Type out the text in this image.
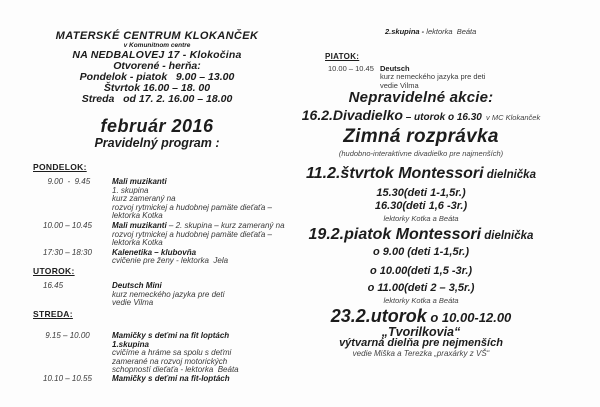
MATERSKÉ CENTRUM KLOKANČEK
v Komunitnom centre
NA NEDBALOVEJ 17 - Klokočina
Otvorené - herňa:
Pondelok - piatok   9.00 – 13.00
Štvrtok 16.00 – 18. 00
Streda   od 17. 2. 16.00 – 18.00
február 2016
Pravidelný program :
PONDELOK:
9.00  -  9.45	Mali muzikanti
1. skupina
kurz zameraný na
rozvoj rytmickej a hudobnej pamäte dieťaťa –
lektorka Kotka
10.00 – 10.45	Mali muzikanti – 2. skupina – kurz zameraný na
rozvoj rytmickej a hudobnej pamäte dieťaťa –
lektorka Kotka
17:30 – 18:30	Kalenetika – klubovňa
cvičenie pre ženy - lektorka  Jela
UTOROK:
16.45	Deutsch Mini
kurz nemeckého jazyka pre deti
vedie Vilma
STREDA:
9.15 – 10.00	Mamičky s deťmi na fit loptách
1.skupina
cvičíme a hráme sa spolu s deťmi
zamerané na rozvoj motorických
schopností dieťaťa - lektorka  Beáta
10.10 – 10.55	Mamičky s deťmi na fit-loptách
2.skupina - lektorka  Beáta
PIATOK:
10.00 – 10.45 Deutsch
kurz nemeckého jazyka pre deti
vedie Vilma
Nepravidelné akcie:
16.2.Divadielko – utorok o 16.30  v MC Klokanček
Zimná rozprávka
(hudobno-interaktívne divadielko pre najmenších)
11.2.štvrtok Montessori dielnička
15.30(deti 1-1,5r.)
16.30(deti 1,6 -3r.)
lektorky Kotka a Beáta
19.2.piatok Montessori dielnička
o 9.00 (deti 1-1,5r.)
o 10.00(deti 1,5 -3r.)
o 11.00(deti 2 – 3,5r.)
lektorky Kotka a Beáta
23.2.utorok o 10.00-12.00
„Tvorilkovia“
výtvarná dielňa pre nejmenších
vedie Miška a Terezka „praxárky z VŠ“
